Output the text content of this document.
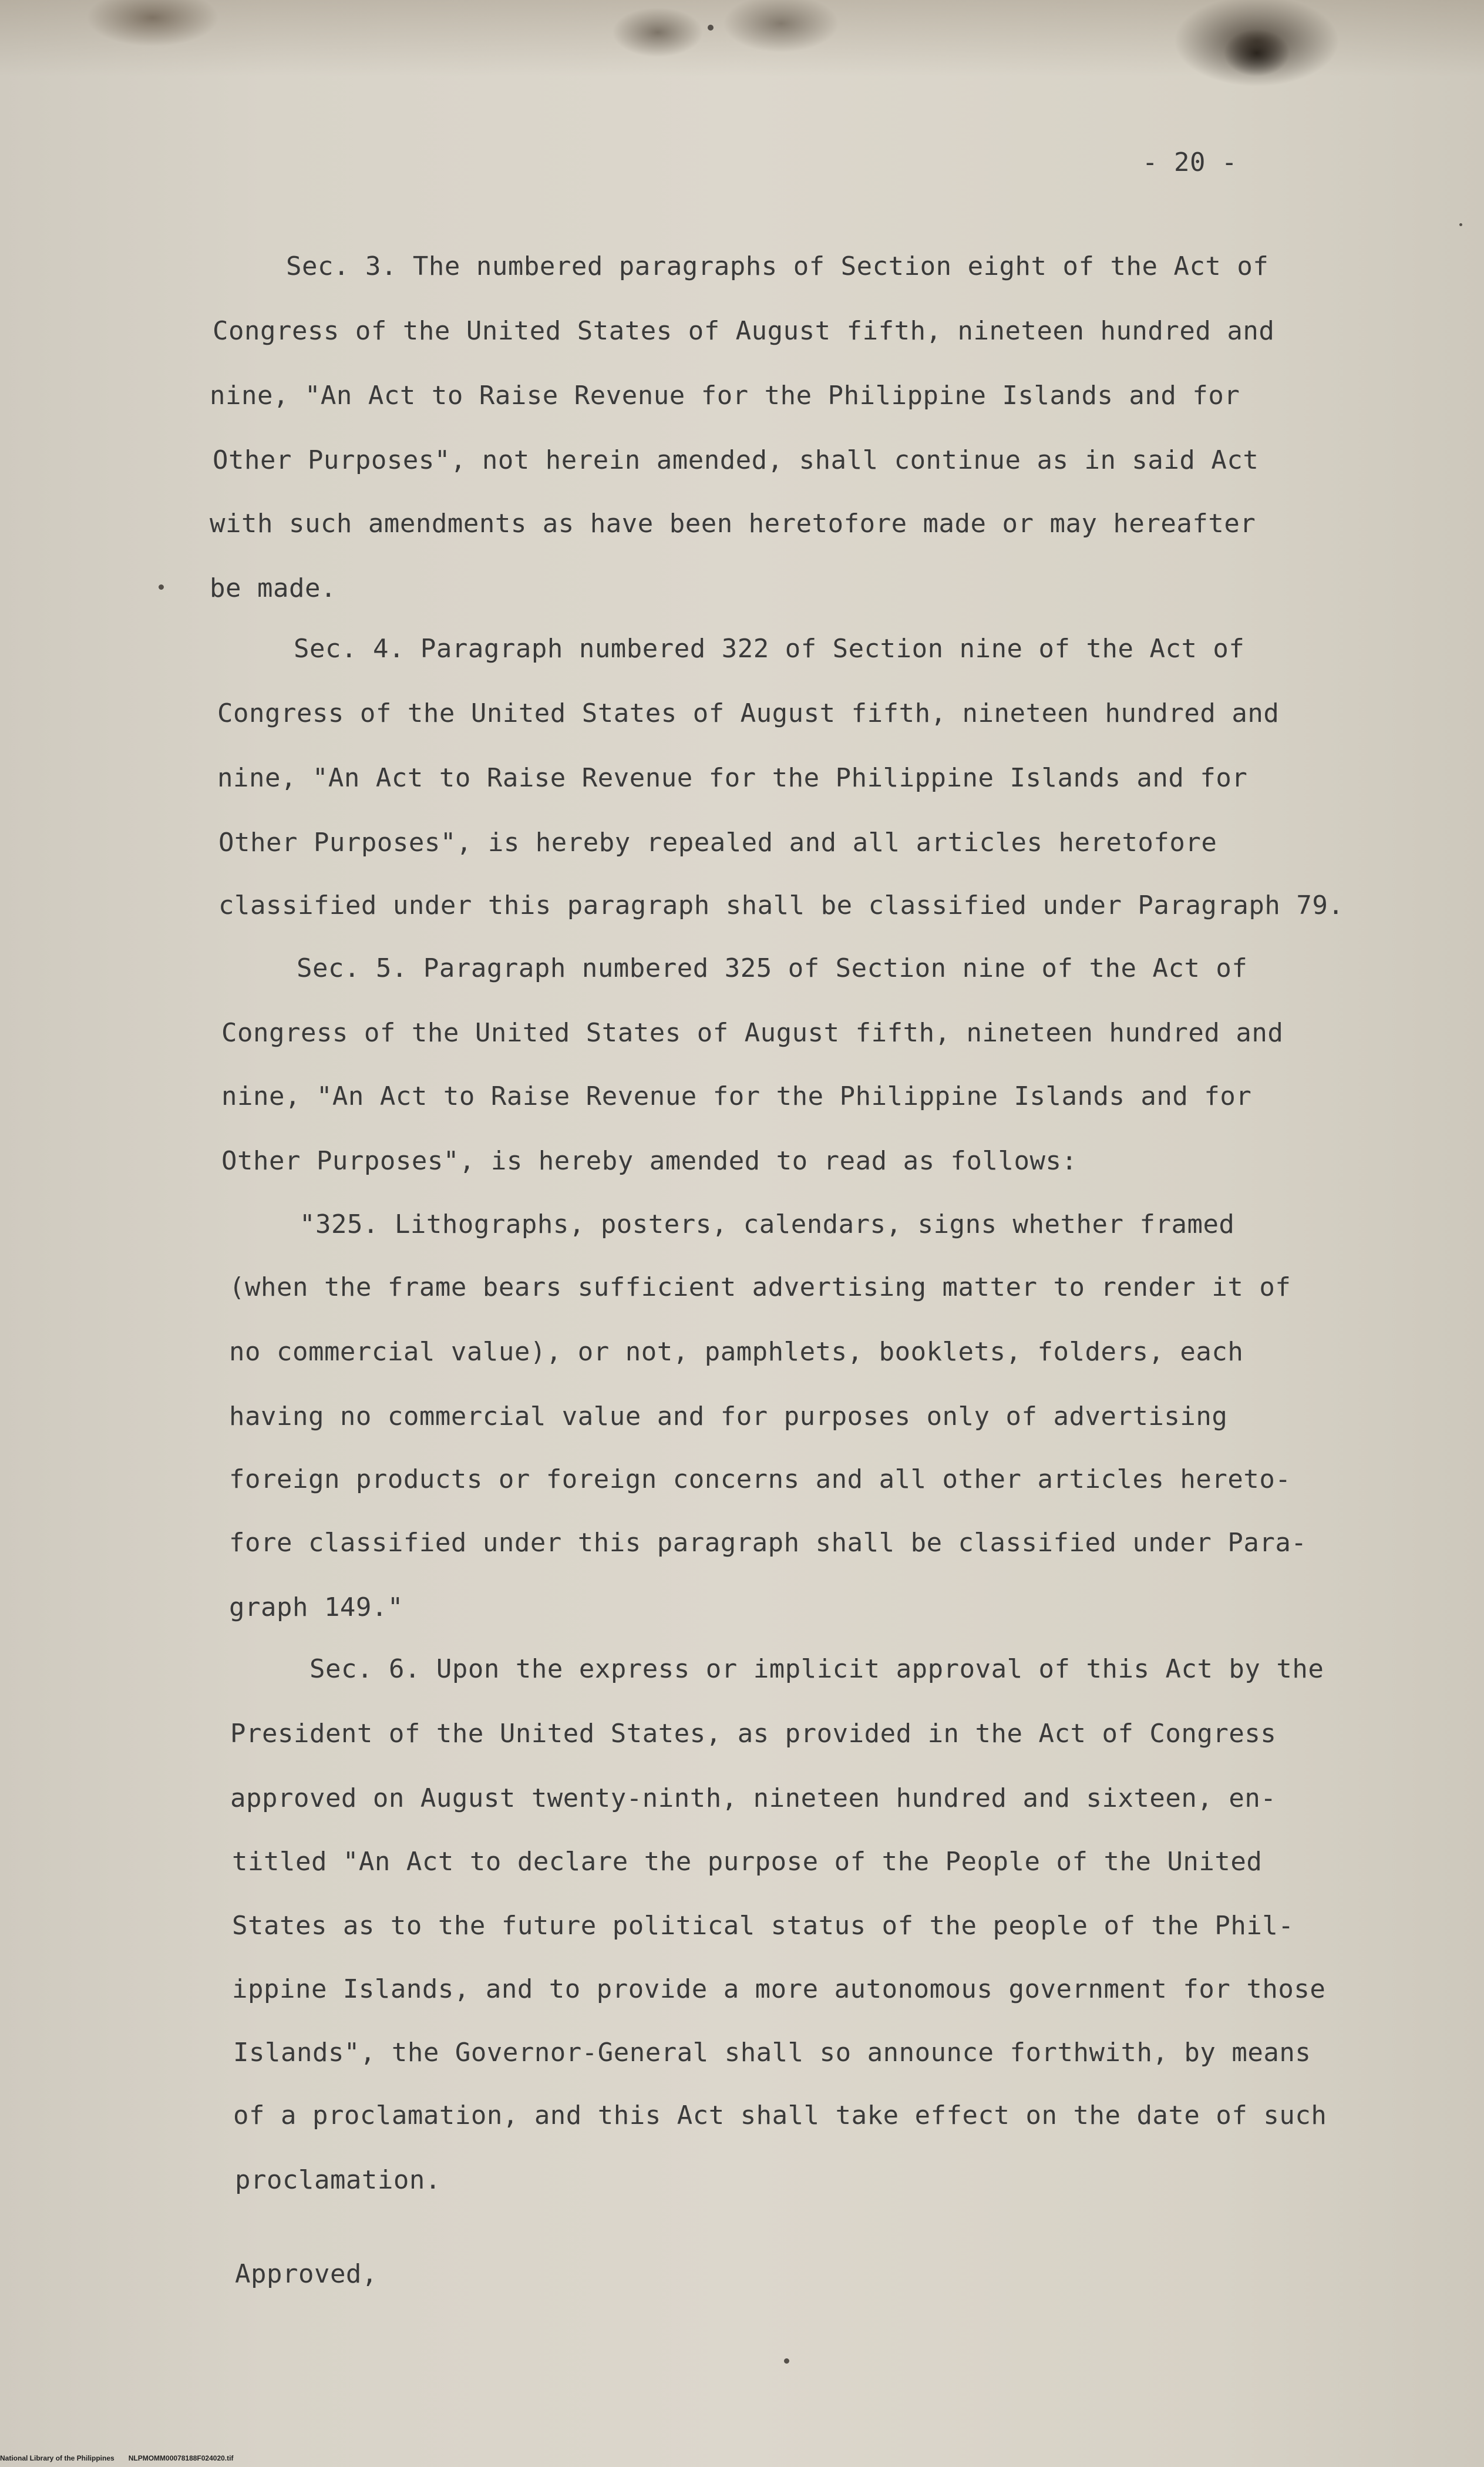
- 20 -
Sec. 3. The numbered paragraphs of Section eight of the Act of
Congress of the United States of August fifth, nineteen hundred and
nine, "An Act to Raise Revenue for the Philippine Islands and for
Other Purposes", not herein amended, shall continue as in said Act
with such amendments as have been heretofore made or may hereafter
be made.
Sec. 4. Paragraph numbered 322 of Section nine of the Act of
Congress of the United States of August fifth, nineteen hundred and
nine, "An Act to Raise Revenue for the Philippine Islands and for
Other Purposes", is hereby repealed and all articles heretofore
classified under this paragraph shall be classified under Paragraph 79.
Sec. 5. Paragraph numbered 325 of Section nine of the Act of
Congress of the United States of August fifth, nineteen hundred and
nine, "An Act to Raise Revenue for the Philippine Islands and for
Other Purposes", is hereby amended to read as follows:
"325. Lithographs, posters, calendars, signs whether framed
(when the frame bears sufficient advertising matter to render it of
no commercial value), or not, pamphlets, booklets, folders, each
having no commercial value and for purposes only of advertising
foreign products or foreign concerns and all other articles hereto-
fore classified under this paragraph shall be classified under Para-
graph 149."
Sec. 6. Upon the express or implicit approval of this Act by the
President of the United States, as provided in the Act of Congress
approved on August twenty-ninth, nineteen hundred and sixteen, en-
titled "An Act to declare the purpose of the People of the United
States as to the future political status of the people of the Phil-
ippine Islands, and to provide a more autonomous government for those
Islands", the Governor-General shall so announce forthwith, by means
of a proclamation, and this Act shall take effect on the date of such
proclamation.
Approved,
National Library of the Philippines NLPMOMM00078188F024020.tif
